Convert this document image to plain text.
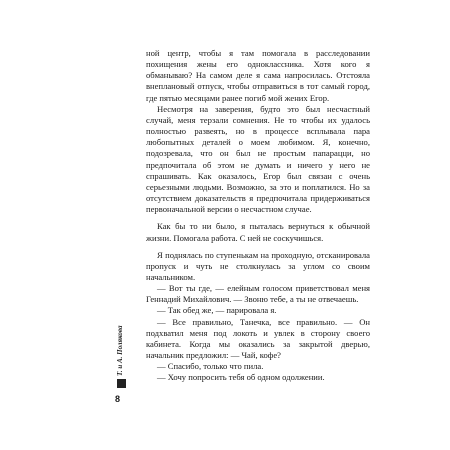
ной центр, чтобы я там помогала в расследовании похищения жены его одноклассника. Хотя кого я обманываю? На самом деле я сама напросилась. Отстояла внеплановый отпуск, чтобы отправиться в тот самый город, где пятью месяцами ранее погиб мой жених Егор.

Несмотря на заверения, будто это был несчастный случай, меня терзали сомнения. Не то чтобы их удалось полностью развеять, но в процессе всплывала пара любопытных деталей о моем любимом. Я, конечно, подозревала, что он был не простым папарацци, но предпочитала об этом не думать и ничего у него не спрашивать. Как оказалось, Егор был связан с очень серьезными людьми. Возможно, за это и поплатился. Но за отсутствием доказательств я предпочитала придерживаться первоначальной версии о несчастном случае.

Как бы то ни было, я пыталась вернуться к обычной жизни. Помогала работа. С ней не соскучишься.

Я поднялась по ступенькам на проходную, отсканировала пропуск и чуть не столкнулась за углом со своим начальником.

— Вот ты где, — елейным голосом приветствовал меня Геннадий Михайлович. — Звоню тебе, а ты не отвечаешь.

— Так обед же, — парировала я.

— Все правильно, Танечка, все правильно. — Он подхватил меня под локоть и увлек в сторону своего кабинета. Когда мы оказались за закрытой дверью, начальник предложил: — Чай, кофе?

— Спасибо, только что пила.

— Хочу попросить тебя об одном одолжении.

Т. и А. Полякова
8
